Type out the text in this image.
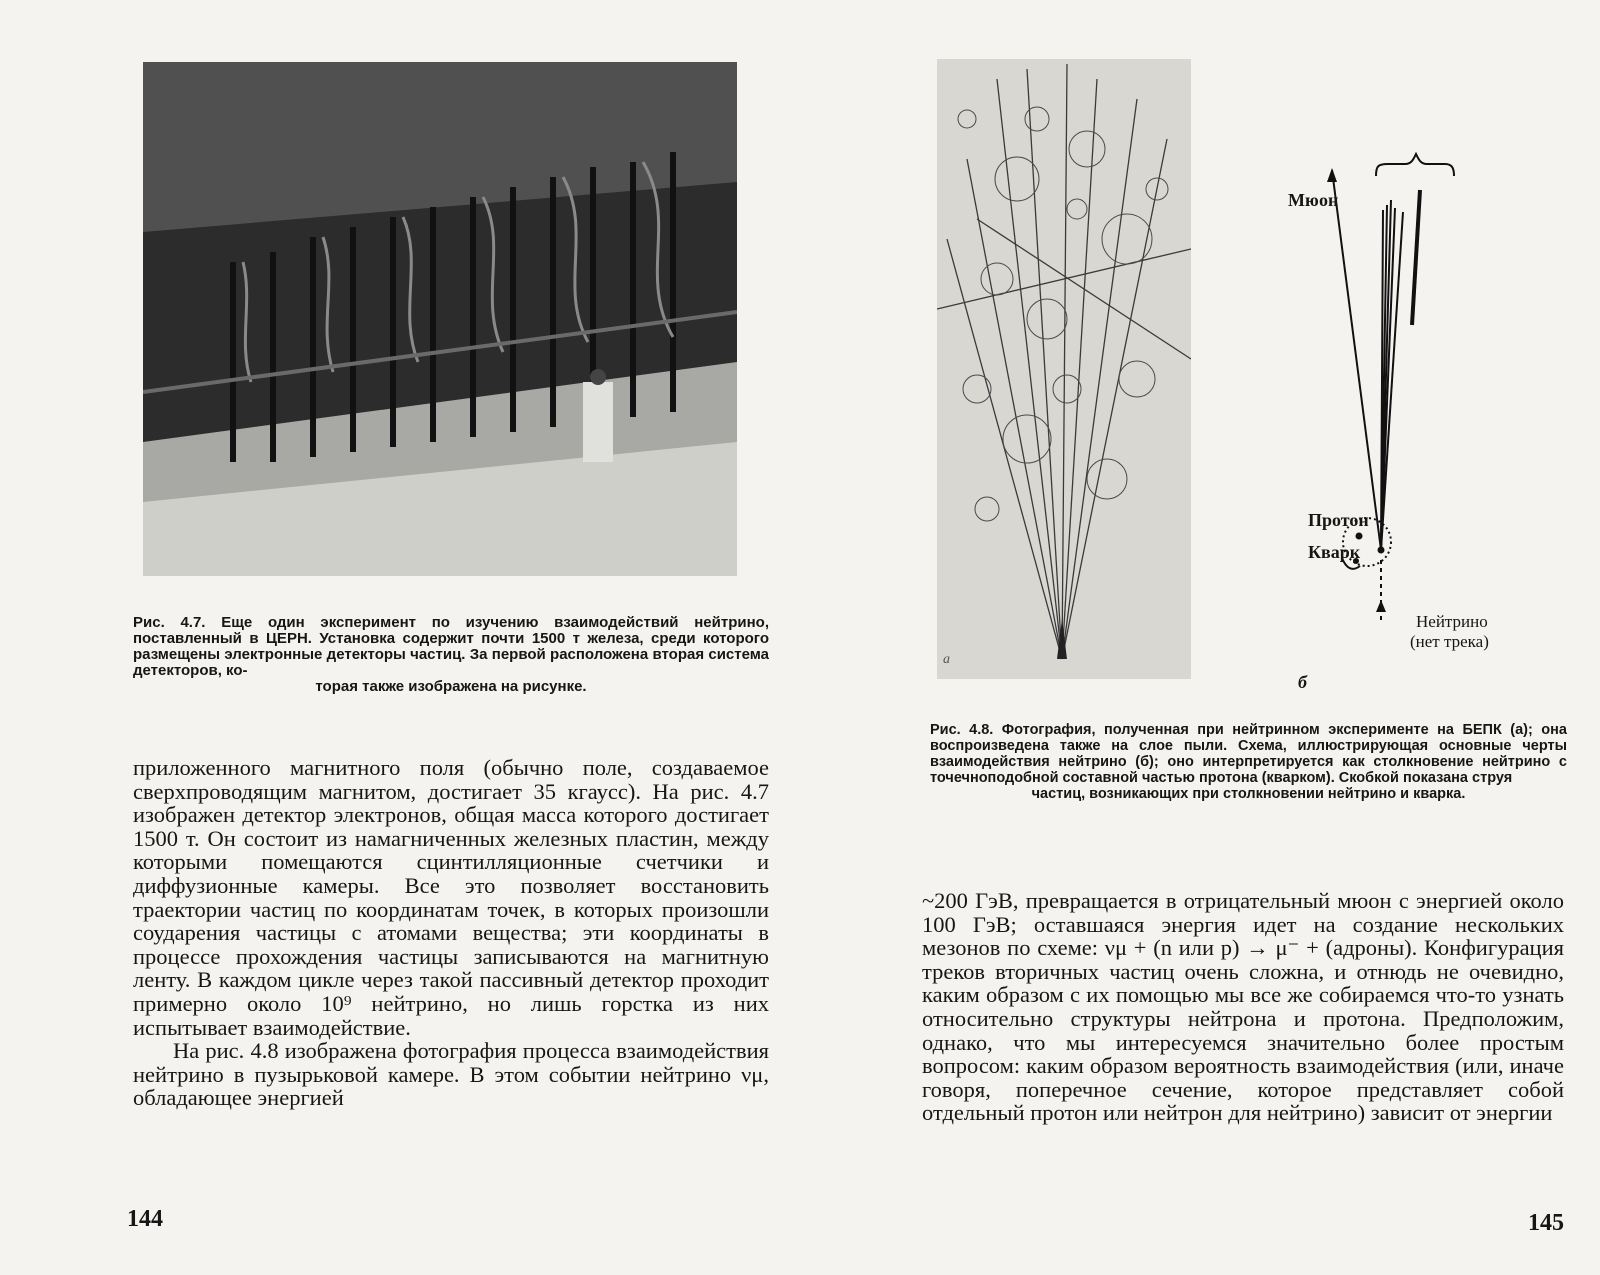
Рис. 4.7. Еще один эксперимент по изучению взаимодействий нейтрино, поставленный в ЦЕРН. Установка содержит почти 1500 т железа, среди которого размещены электронные детекторы частиц. За первой расположена вторая система детекторов, ко-
торая также изображена на рисунке.

приложенного магнитного поля (обычно поле, создаваемое сверхпроводящим магнитом, достигает 35 кгаусс). На рис. 4.7 изображен детектор электронов, общая масса которого достигает 1500 т. Он состоит из намагниченных железных пластин, между которыми помещаются сцинтилляционные счетчики и диффузионные камеры. Все это позволяет восстановить траектории частиц по координатам точек, в которых произошли соударения частицы с атомами вещества; эти координаты в процессе прохождения частицы записываются на магнитную ленту. В каждом цикле через такой пассивный детектор проходит примерно около 10⁹ нейтрино, но лишь горстка из них испытывает взаимодействие.

На рис. 4.8 изображена фотография процесса взаимодействия нейтрино в пузырьковой камере. В этом событии нейтрино νμ, обладающее энергией

144
а
Мюон
Протон
Кварк
Нейтрино
(нет трека)
б
Рис. 4.8. Фотография, полученная при нейтринном эксперименте на БЕПК (а); она воспроизведена также на слое пыли. Схема, иллюстрирующая основные черты взаимодействия нейтрино (б); оно интерпретируется как столкновение нейтрино с точечноподобной составной частью протона (кварком). Скобкой показана струя
частиц, возникающих при столкновении нейтрино и кварка.

~200 ГэВ, превращается в отрицательный мюон с энергией около 100 ГэВ; оставшаяся энергия идет на создание нескольких мезонов по схеме: νμ + (n или p) → μ⁻ + (адроны). Конфигурация треков вторичных частиц очень сложна, и отнюдь не очевидно, каким образом с их помощью мы все же собираемся что-то узнать относительно структуры нейтрона и протона. Предположим, однако, что мы интересуемся значительно более простым вопросом: каким образом вероятность взаимодействия (или, иначе говоря, поперечное сечение, которое представляет собой отдельный протон или нейтрон для нейтрино) зависит от энергии

145
